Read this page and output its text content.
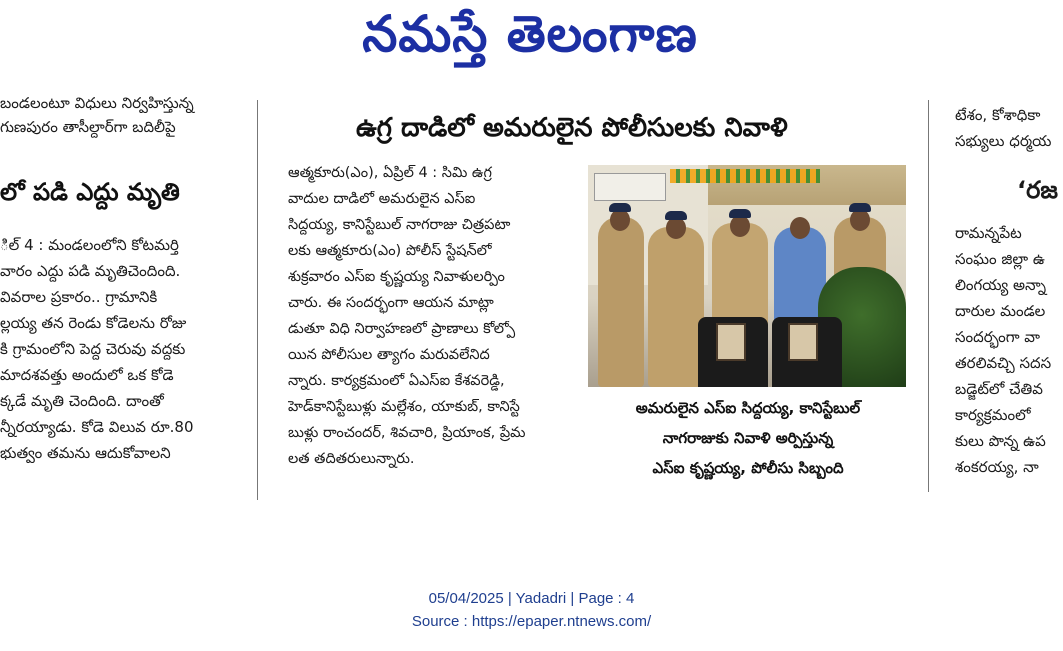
నమస్తే తెలంగాణ
బండలంటూ విధులు నిర్వహిస్తున్న
గుణపురం తాసీల్దార్‌గా బదిలీపై
లో పడి ఎద్దు మృతి
ిల్ 4 : మండలంలోని కోటమర్తి
వారం ఎద్దు పడి మృతిచెందింది.
వివరాల ప్రకారం.. గ్రామానికి
ల్లయ్య తన రెండు కోడెలను రోజు
కి గ్రామంలోని పెద్ద చెరువు వద్దకు
మాదశవత్తు అందులో ఒక కోడె
క్కడే మృతి చెందింది. దాంతో
న్నీరయ్యాడు. కోడె విలువ రూ.80
భుత్వం తమను ఆదుకోవాలని
ఉగ్ర దాడిలో అమరులైన పోలీసులకు నివాళి
ఆత్మకూరు(ఎం), ఏప్రిల్ 4 : సిమి ఉగ్ర
వాదుల దాడిలో అమరులైన ఎస్ఐ
సిద్దయ్య, కానిస్టేబుల్ నాగరాజు చిత్రపటా
లకు ఆత్మకూరు(ఎం) పోలీస్ స్టేషన్‌లో
శుక్రవారం ఎస్ఐ కృష్ణయ్య నివాళులర్పిం
చారు. ఈ సందర్భంగా ఆయన మాట్లా
డుతూ విధి నిర్వాహణలో ప్రాణాలు కోల్పో
యిన పోలీసుల త్యాగం మరువలేనిద
న్నారు. కార్యక్రమంలో ఏఎస్ఐ కేశవరెడ్డి,
హెడ్‌కానిస్టేబుళ్లు మల్లేశం, యాకుబ్, కానిస్టే
బుళ్లు రాంచందర్, శివచారి, ప్రియాంక, ప్రేమ
లత తదితరులున్నారు.
అమరులైన ఎస్ఐ సిద్దయ్య, కానిస్టేబుల్
నాగరాజుకు నివాళి అర్పిస్తున్న
ఎస్ఐ కృష్ణయ్య, పోలీసు సిబ్బంది
టేశం, కోశాధికా
సభ్యులు ధర్మయ
‘రజ
రామన్నపేట
సంఘం జిల్లా ఉ
లింగయ్య అన్నా
దారుల మండల
సందర్భంగా వా
తరలివచ్చి సదస
బడ్జెట్‌లో చేతివ
కార్యక్రమంలో
కులు పొన్న ఉప
శంకరయ్య, నా
05/04/2025 | Yadadri | Page : 4
Source : https://epaper.ntnews.com/
